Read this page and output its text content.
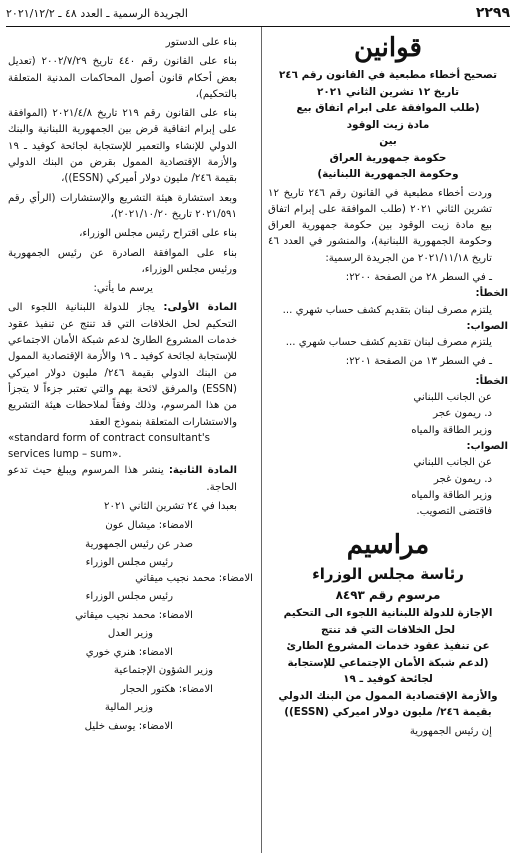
٢٢٩٩
الجريدة الرسمية ـ العدد ٤٨ ـ ٢٠٢١/١٢/٢
قوانين
تصحيح أخطاء مطبعية في القانون رقم ٢٤٦
تاريخ ١٢ تشرين الثاني ٢٠٢١
(طلب الموافقة على ابرام اتفاق بيع
مادة زيت الوقود
بين
حكومة جمهورية العراق
وحكومة الجمهورية اللبنانية)
وردت أخطاء مطبعية في القانون رقم ٢٤٦ تاريخ ١٢ تشرين الثاني ٢٠٢١ (طلب الموافقة على إبرام اتفاق بيع مادة زيت الوقود بين حكومة جمهورية العراق وحكومة الجمهورية اللبنانية)، والمنشور في العدد ٤٦ تاريخ ٢٠٢١/١١/١٨ من الجريدة الرسمية:
ـ في السطر ٢٨ من الصفحة ٢٢٠٠:
الخطأ:
يلتزم مصرف لبنان بتقديم كشف حساب شهري ...
الصواب:
يلتزم مصرف لبنان تقديم كشف حساب شهري ...
ـ في السطر ١٣ من الصفحة ٢٢٠١:
الخطأ:
عن الجانب اللبناني
د. ريمون عجر
وزير الطاقة والمياه
الصواب:
عن الجانب اللبناني
د. ريمون غجر
وزير الطاقة والمياه
فاقتضى التصويب.
مراسيم
رئاسة مجلس الوزراء
مرسوم رقم ٨٤٩٣
الإجازة للدولة اللبنانية اللجوء الى التحكيم
لحل الخلافات التي قد تنتج
عن تنفيذ عقود خدمات المشروع الطارئ
(لدعم شبكة الأمان الإجتماعي للإستجابة
لجائحة كوفيد ـ ١٩
والأزمة الإقتصادية الممول من البنك الدولي
بقيمة ٢٤٦/ مليون دولار اميركي (ESSN))
إن رئيس الجمهورية
بناء على الدستور
بناء على القانون رقم ٤٤٠ تاريخ ٢٠٠٢/٧/٢٩ (تعديل بعض أحكام قانون أصول المحاكمات المدنية المتعلقة بالتحكيم)،
بناء على القانون رقم ٢١٩ تاريخ ٢٠٢١/٤/٨ (الموافقة على إبرام اتفاقية قرض بين الجمهورية اللبنانية والبنك الدولي للإنشاء والتعمير للإستجابة لجائحة كوفيد ـ ١٩ والأزمة الإقتصادية الممول بقرض من البنك الدولي بقيمة ٢٤٦/ مليون دولار أميركي (ESSN))،
وبعد استشارة هيئة التشريع والإستشارات (الرأي رقم ٢٠٢١/٥٩١ تاريخ ٢٠٢١/١٠/٢٠)،
بناء على اقتراح رئيس مجلس الوزراء،
بناء على الموافقة الصادرة عن رئيس الجمهورية ورئيس مجلس الوزراء،
يرسم ما يأتي:
المادة الأولى: يجاز للدولة اللبنانية اللجوء الى التحكيم لحل الخلافات التي قد تنتج عن تنفيذ عقود خدمات المشروع الطارئ لدعم شبكة الأمان الاجتماعي للإستجابة لجائحة كوفيد ـ ١٩ والأزمة الإقتصادية الممول من البنك الدولي بقيمة ٢٤٦/ مليون دولار اميركي (ESSN) والمرفق لائحة بهم والتي تعتبر جزءاً لا يتجزأ من هذا المرسوم، وذلك وفقاً لملاحظات هيئة التشريع والاستشارات المتعلقة بنموذج العقد
«standard form of contract consultant's
services lump – sum».
المادة الثانية: ينشر هذا المرسوم ويبلغ حيث تدعو الحاجة.
بعبدا في ٢٤ تشرين الثاني ٢٠٢١
الامضاء: ميشال عون
صدر عن رئيس الجمهورية
رئيس مجلس الوزراء
الامضاء: محمد نجيب ميقاتي
رئيس مجلس الوزراء
الامضاء: محمد نجيب ميقاتي
وزير العدل
الامضاء: هنري خوري
وزير الشؤون الإجتماعية
الامضاء: هكتور الحجار
وزير المالية
الامضاء: يوسف خليل
